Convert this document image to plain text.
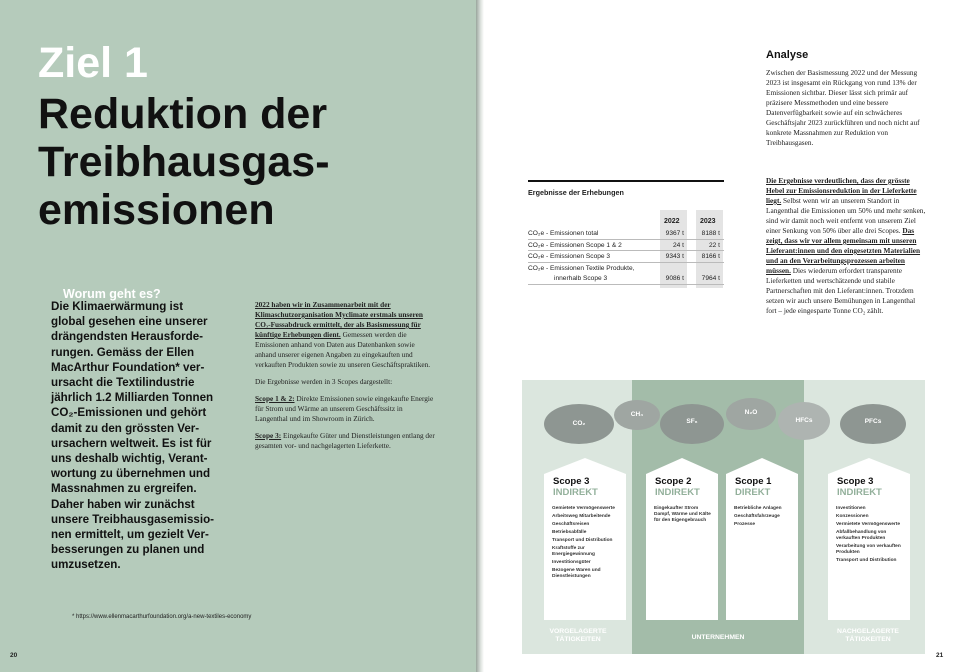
Ziel 1
Reduktion der
Treibhausgas-
emissionen
Worum geht es?
Die Klimaerwärmung ist
global gesehen eine unserer
drängendsten Herausforde-
rungen. Gemäss der Ellen
MacArthur Foundation* ver-
ursacht die Textilindustrie
jährlich 1.2 Milliarden Tonnen
CO₂-Emissionen und gehört
damit zu den grössten Ver-
ursachern weltweit. Es ist für
uns deshalb wichtig, Verant-
wortung zu übernehmen und
Massnahmen zu ergreifen.
Daher haben wir zunächst
unsere Treibhausgasemissio-
nen ermittelt, um gezielt Ver-
besserungen zu planen und
umzusetzen.

2022 haben wir in Zusammenarbeit mit der Klimaschutzorganisation Myclimate erstmals unseren CO₂-Fussabdruck ermittelt, der als Basismessung für künftige Erhebungen dient. Gemessen werden die Emissionen anhand von Daten aus Datenbanken sowie anhand unserer eigenen Angaben zu eingekauften und verkauften Produkten sowie zu unseren Geschäftspraktiken.

Die Ergebnisse werden in 3 Scopes dargestellt:

Scope 1 & 2: Direkte Emissionen sowie eingekaufte Energie für Strom und Wärme an unserem Geschäftssitz in Langenthal und im Showroom in Zürich.

Scope 3: Eingekaufte Güter und Dienstleistungen entlang der gesamten vor- und nachgelagerten Lieferkette.

* https://www.ellenmacarthurfoundation.org/a-new-textiles-economy
20	21
Analyse
Zwischen der Basismessung 2022 und der Messung 2023 ist insgesamt ein Rückgang von rund 13% der Emissionen sichtbar. Dieser lässt sich primär auf präzisere Messmethoden und eine bessere Datenverfügbarkeit sowie auf ein schwächeres Geschäftsjahr 2023 zurückführen und noch nicht auf konkrete Massnahmen zur Reduktion von Treibhausgasen.
Die Ergebnisse verdeutlichen, dass der grösste Hebel zur Emissionsreduktion in der Lieferkette liegt. Selbst wenn wir an unserem Standort in Langenthal die Emissionen um 50% und mehr senken, sind wir damit noch weit entfernt von unserem Ziel einer Senkung von 50% über alle drei Scopes. Das zeigt, dass wir vor allem gemeinsam mit unseren Lieferant:innen und den eingesetzten Materialien und an den Verarbeitungsprozessen arbeiten müssen. Dies wiederum erfordert transparente Lieferketten und wertschätzende und stabile Partnerschaften mit den Lieferant:innen. Trotzdem setzen wir auch unsere Bemühungen in Langenthal fort – jede eingesparte Tonne CO₂ zählt.
Ergebnisse der Erhebungen
2022	2023
CO₂e - Emissionen total	9367 t	8188 t
CO₂e - Emissionen Scope 1 & 2	24 t	22 t
CO₂e - Emissionen Scope 3	9343 t	8166 t
CO₂e - Emissionen Textile Produkte,
innerhalb Scope 3	9086 t	7964 t
CO₂
CH₄
SF₆
N₂O
HFCs	PFCs
Scope 3
INDIREKT
Gemietete Vermögenswerte
Arbeitsweg Mitarbeitende
Geschäftsreisen
Betriebsabfälle
Transport und Distribution
Kraftstoffe zur Energiegewinnung
Investitionsgüter
Bezogene Waren und Dienstleistungen
Scope 2
INDIREKT
Eingekaufter Strom Dampf, Wärme und Kälte für den Eigengebrauch
Scope 1
DIREKT
Betriebliche Anlagen
Geschäftsfahrzeuge
Prozesse
Scope 3
INDIREKT
Investitionen
Konzessionen
Vermietete Vermögenswerte
Abfallbehandlung von verkauften Produkten
Verarbeitung von verkauften Produkten
Transport und Distribution
VORGELAGERTE
TÄTIGKEITEN	UNTERNEHMEN
NACHGELAGERTE
TÄTIGKEITEN
